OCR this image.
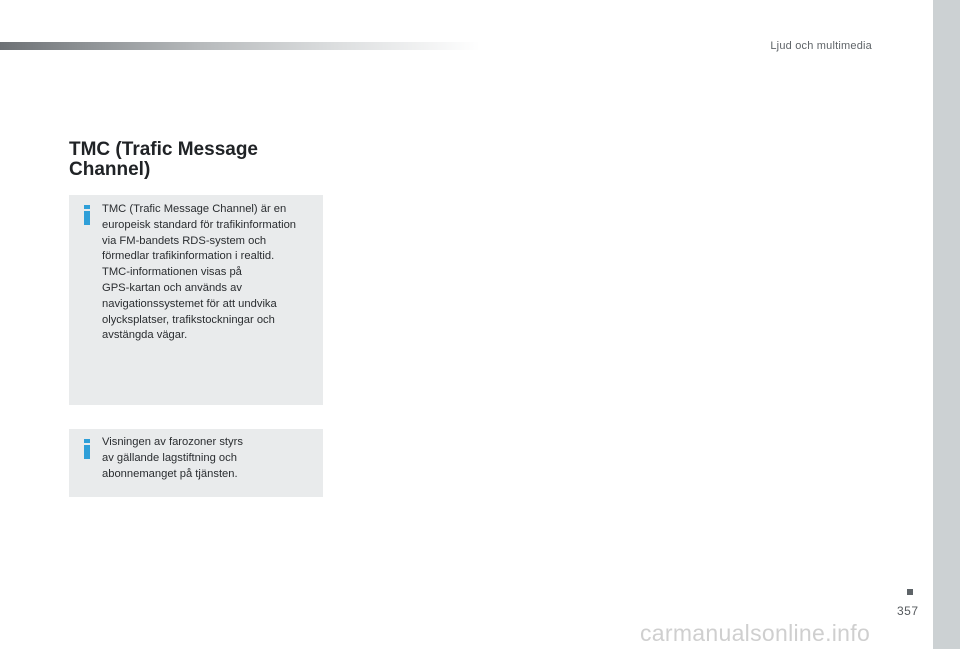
Ljud och multimedia
TMC (Trafic Message
Channel)

TMC (Trafic Message Channel) är en
europeisk standard för trafikinformation
via FM-bandets RDS-system och
förmedlar trafikinformation i realtid.
TMC-informationen visas på
GPS-kartan och används av
navigationssystemet för att undvika
olycksplatser, trafikstockningar och
avstängda vägar.

Visningen av farozoner styrs
av gällande lagstiftning och
abonnemanget på tjänsten.

357
carmanualsonline.info
